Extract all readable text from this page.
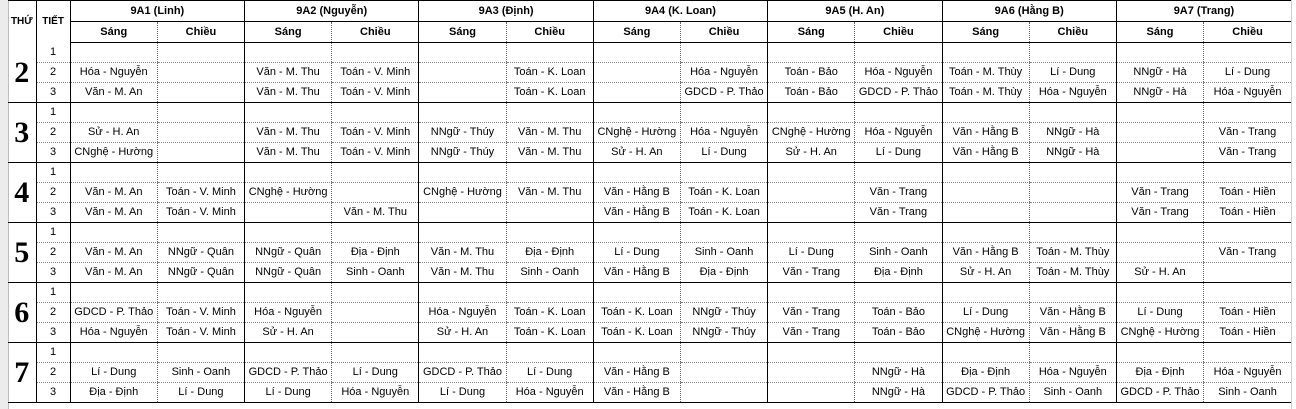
THỨ	TIẾT	9A1 (Linh)		9A2 (Nguyễn)		9A3 (Định)		9A4 (K. Loan)		9A5 (H. An)		9A6 (Hằng B)		9A7 (Trang)	
		Sáng	Chiều	Sáng	Chiều	Sáng	Chiều	Sáng	Chiều	Sáng	Chiều	Sáng	Chiều	Sáng	Chiều
2	1														
	2	Hóa - Nguyễn		Văn - M. Thu	Toán - V. Minh		Toán - K. Loan		Hóa - Nguyễn	Toán - Bảo	Hóa - Nguyễn	Toán - M. Thùy	Lí - Dung	NNgữ - Hà	Lí - Dung
	3	Văn - M. An		Văn - M. Thu	Toán - V. Minh		Toán - K. Loan		GDCD - P. Thảo	Toán - Bảo	GDCD - P. Thảo	Toán - M. Thùy	Hóa - Nguyễn	NNgữ - Hà	Hóa - Nguyễn
3	1														
	2	Sử - H. An		Văn - M. Thu	Toán - V. Minh	NNgữ - Thúy	Văn - M. Thu	CNghệ - Hường	Hóa - Nguyễn	CNghệ - Hường	Hóa - Nguyễn	Văn - Hằng B	NNgữ - Hà		Văn - Trang
	3	CNghệ - Hường		Văn - M. Thu	Toán - V. Minh	NNgữ - Thúy	Văn - M. Thu	Sử - H. An	Lí - Dung	Sử - H. An	Lí - Dung	Văn - Hằng B	NNgữ - Hà		Văn - Trang
4	1														
	2	Văn - M. An	Toán - V. Minh	CNghệ - Hường		CNghệ - Hường	Văn - M. Thu	Văn - Hằng B	Toán - K. Loan		Văn - Trang			Văn - Trang	Toán - Hiền
	3	Văn - M. An	Toán - V. Minh		Văn - M. Thu			Văn - Hằng B	Toán - K. Loan		Văn - Trang			Văn - Trang	Toán - Hiền
5	1														
	2	Văn - M. An	NNgữ - Quân	NNgữ - Quân	Địa - Định	Văn - M. Thu	Địa - Định	Lí - Dung	Sinh - Oanh	Lí - Dung	Sinh - Oanh	Văn - Hằng B	Toán - M. Thùy		Văn - Trang
	3	Văn - M. An	NNgữ - Quân	NNgữ - Quân	Sinh - Oanh	Văn - M. Thu	Sinh - Oanh	Văn - Hằng B	Địa - Định	Văn - Trang	Địa - Định	Sử - H. An	Toán - M. Thùy	Sử - H. An	
6	1														
	2	GDCD - P. Thảo	Toán - V. Minh	Hóa - Nguyễn		Hóa - Nguyễn	Toán - K. Loan	Toán - K. Loan	NNgữ - Thúy	Văn - Trang	Toán - Bảo	Lí - Dung	Văn - Hằng B	Lí - Dung	Toán - Hiền
	3	Hóa - Nguyễn	Toán - V. Minh	Sử - H. An		Sử - H. An	Toán - K. Loan	Toán - K. Loan	NNgữ - Thúy	Văn - Trang	Toán - Bảo	CNghệ - Hường	Văn - Hằng B	CNghệ - Hường	Toán - Hiền
7	1														
	2	Lí - Dung	Sinh - Oanh	GDCD - P. Thảo	Lí - Dung	GDCD - P. Thảo	Lí - Dung	Văn - Hằng B			NNgữ - Hà	Địa - Định	Hóa - Nguyễn	Địa - Định	Hóa - Nguyễn
	3	Địa - Định	Lí - Dung	Lí - Dung	Hóa - Nguyễn	Lí - Dung	Hóa - Nguyễn	Văn - Hằng B			NNgữ - Hà	GDCD - P. Thảo	Sinh - Oanh	GDCD - P. Thảo	Sinh - Oanh
